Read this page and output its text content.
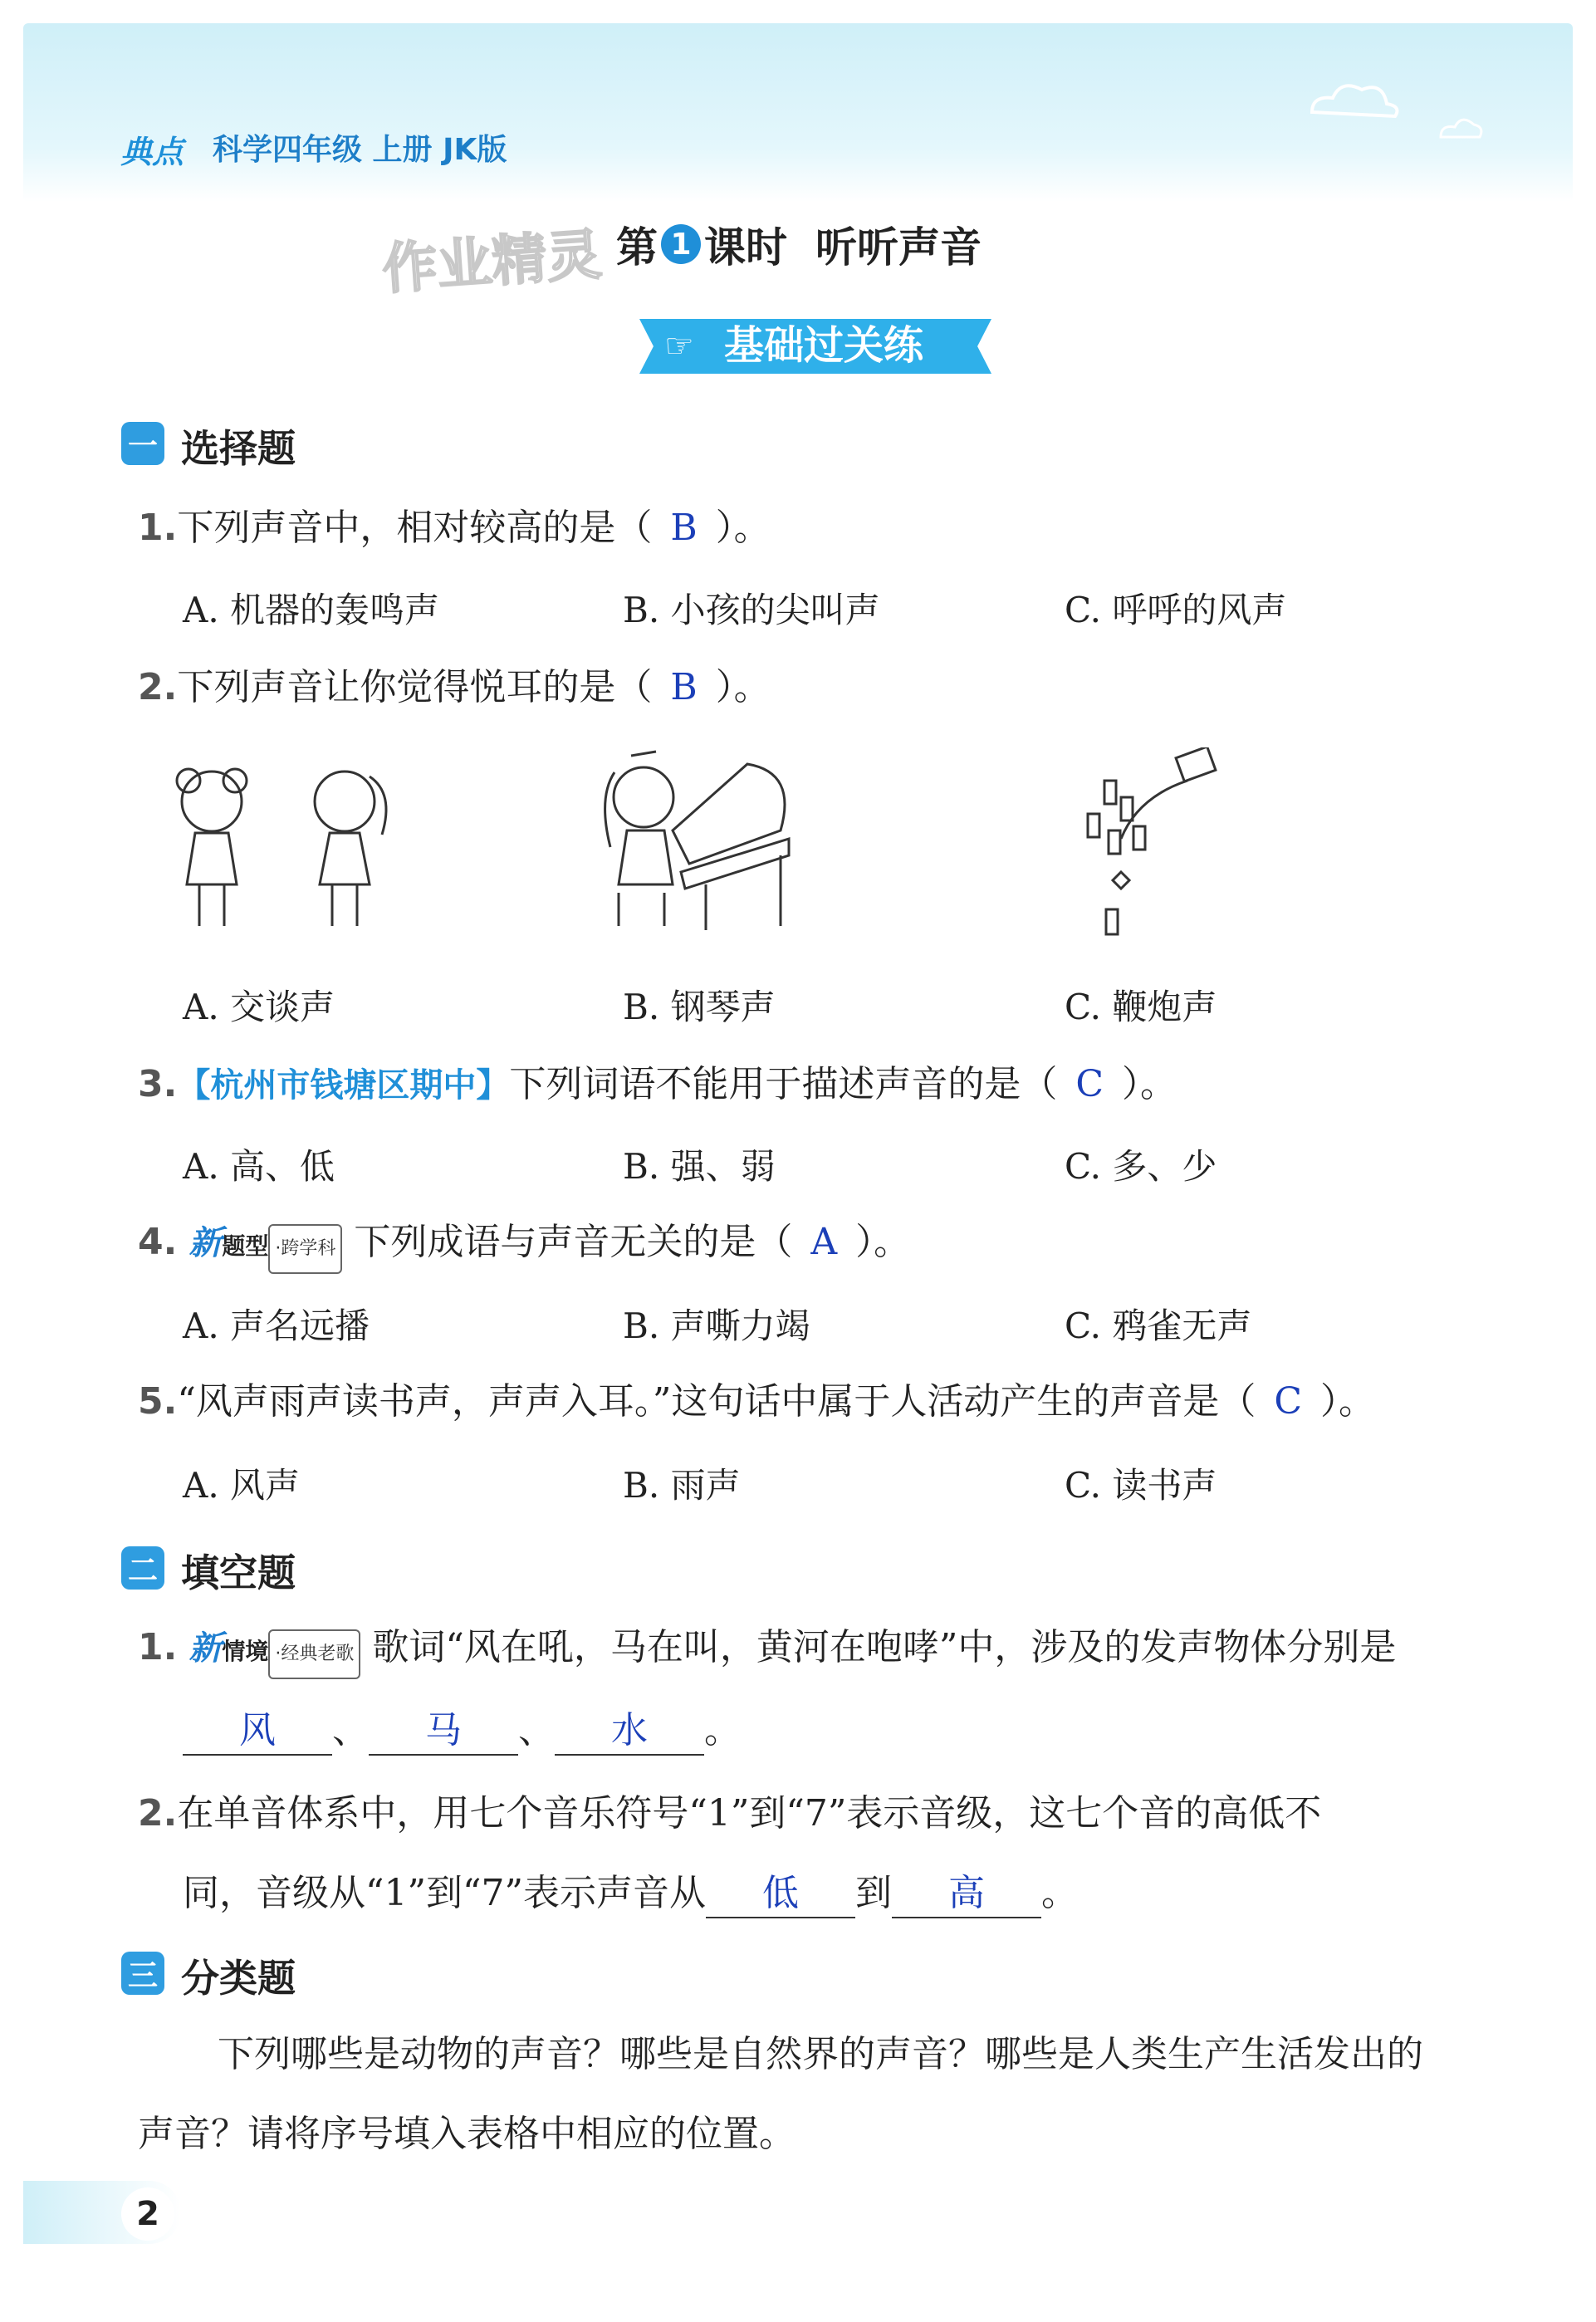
典点 科学四年级 上册 JK版
作业精灵 第 1 课时 听听声音
☞ 基础过关练
一 选择题
1.下列声音中，相对较高的是（ B ）。
A. 机器的轰鸣声	B. 小孩的尖叫声	C. 呼呼的风声
2.下列声音让你觉得悦耳的是（ B ）。
A. 交谈声	B. 钢琴声	C. 鞭炮声
3.【杭州市钱塘区期中】下列词语不能用于描述声音的是（ C ）。
A. 高、低	B. 强、弱	C. 多、少
4. 新题型 ·跨学科 下列成语与声音无关的是（ A ）。
A. 声名远播	B. 声嘶力竭	C. 鸦雀无声
5.“风声雨声读书声，声声入耳。”这句话中属于人活动产生的声音是（ C ）。
A. 风声	B. 雨声	C. 读书声
二 填空题
1. 新情境 ·经典老歌 歌词“风在吼，马在叫，黄河在咆哮”中，涉及的发声物体分别是
风 、 马 、 水 。
2.在单音体系中，用七个音乐符号“1”到“7”表示音级，这七个音的高低不
同，音级从“1”到“7”表示声音从 低 到 高 。
三 分类题
下列哪些是动物的声音？哪些是自然界的声音？哪些是人类生产生活发出的
声音？请将序号填入表格中相应的位置。
2
